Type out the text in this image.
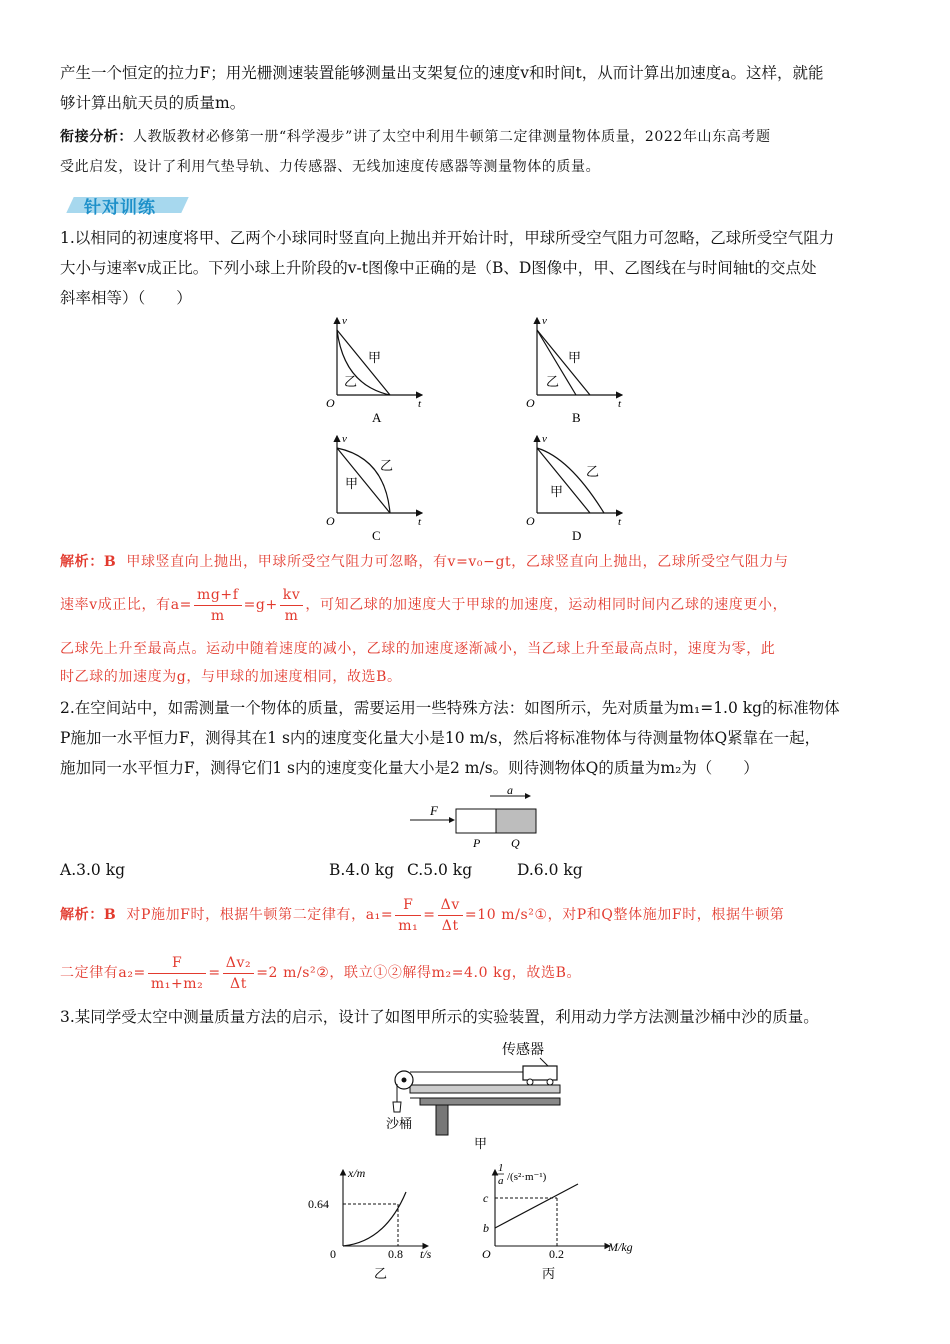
产生一个恒定的拉力F；用光栅测速装置能够测量出支架复位的速度v和时间t，从而计算出加速度a。这样，就能
够计算出航天员的质量m。
衔接分析：人教版教材必修第一册“科学漫步”讲了太空中利用牛顿第二定律测量物体质量，2022年山东高考题
受此启发，设计了利用气垫导轨、力传感器、无线加速度传感器等测量物体的质量。
针对训练
1.以相同的初速度将甲、乙两个小球同时竖直向上抛出并开始计时，甲球所受空气阻力可忽略，乙球所受空气阻力
大小与速率v成正比。下列小球上升阶段的v-t图像中正确的是（B、D图像中，甲、乙图线在与时间轴t的交点处
斜率相等）（　　）
v
t
O
甲
乙
A
v
t
O
甲
乙
B
v
t
O
甲
乙
C
v
t
O
甲
乙
D
解析：B 甲球竖直向上抛出，甲球所受空气阻力可忽略，有v=v₀−gt，乙球竖直向上抛出，乙球所受空气阻力与
速率v成正比，有$a= \frac{mg+f}{m} =g+ \frac{kv}{m}$ ，可知乙球的加速度大于甲球的加速度，运动相同时间内乙球的速度更小，
乙球先上升至最高点。运动中随着速度的减小，乙球的加速度逐渐减小，当乙球上升至最高点时，速度为零，此
时乙球的加速度为g，与甲球的加速度相同，故选B。
2.在空间站中，如需测量一个物体的质量，需要运用一些特殊方法：如图所示，先对质量为m₁=1.0 kg的标准物体
P施加一水平恒力F，测得其在1 s内的速度变化量大小是10 m/s，然后将标准物体与待测量物体Q紧靠在一起，
施加同一水平恒力F，测得它们1 s内的速度变化量大小是2 m/s。则待测物体Q的质量为m₂为（　　）
a
F
P	Q
A.3.0 kg	B.4.0 kg C.5.0 kg	D.6.0 kg
解析：B 对P施加F时，根据牛顿第二定律有，$a_1= \frac{F}{\text{m₁}} = \frac{\Delta v}{\Delta t} =10$ m/s²①，对P和Q整体施加F时，根据牛顿第
二定律有$a_2= \frac{F}{\text{m₁+m₂}} = \frac{\text{Δv₂}}{\Delta t} =2$ m/s²②，联立①②解得m₂=4.0 kg，故选B。
3.某同学受太空中测量质量方法的启示，设计了如图甲所示的实验装置，利用动力学方法测量沙桶中沙的质量。
传感器
沙桶
甲
x/m
0.64
0	0.8 t/s
乙
1
a /(s²·m⁻¹)
c
b
O	0.2	M/kg
丙
